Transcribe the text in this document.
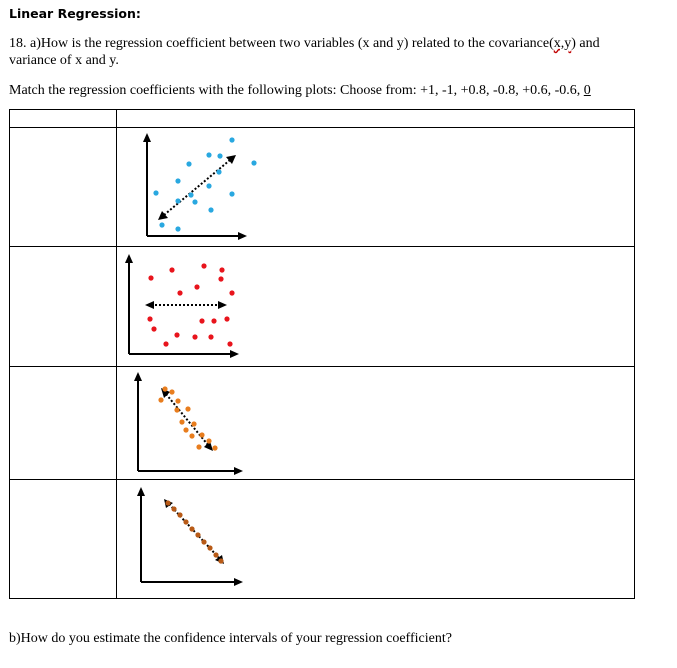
Linear Regression:
18. a)How is the regression coefficient between two variables (x and y) related to the covariance(x,y) and variance of x and y.
Match the regression coefficients with the following plots: Choose from: +1, -1, +0.8, -0.8, +0.6, -0.6, 0

b)How do you estimate the confidence intervals of your regression coefficient?
